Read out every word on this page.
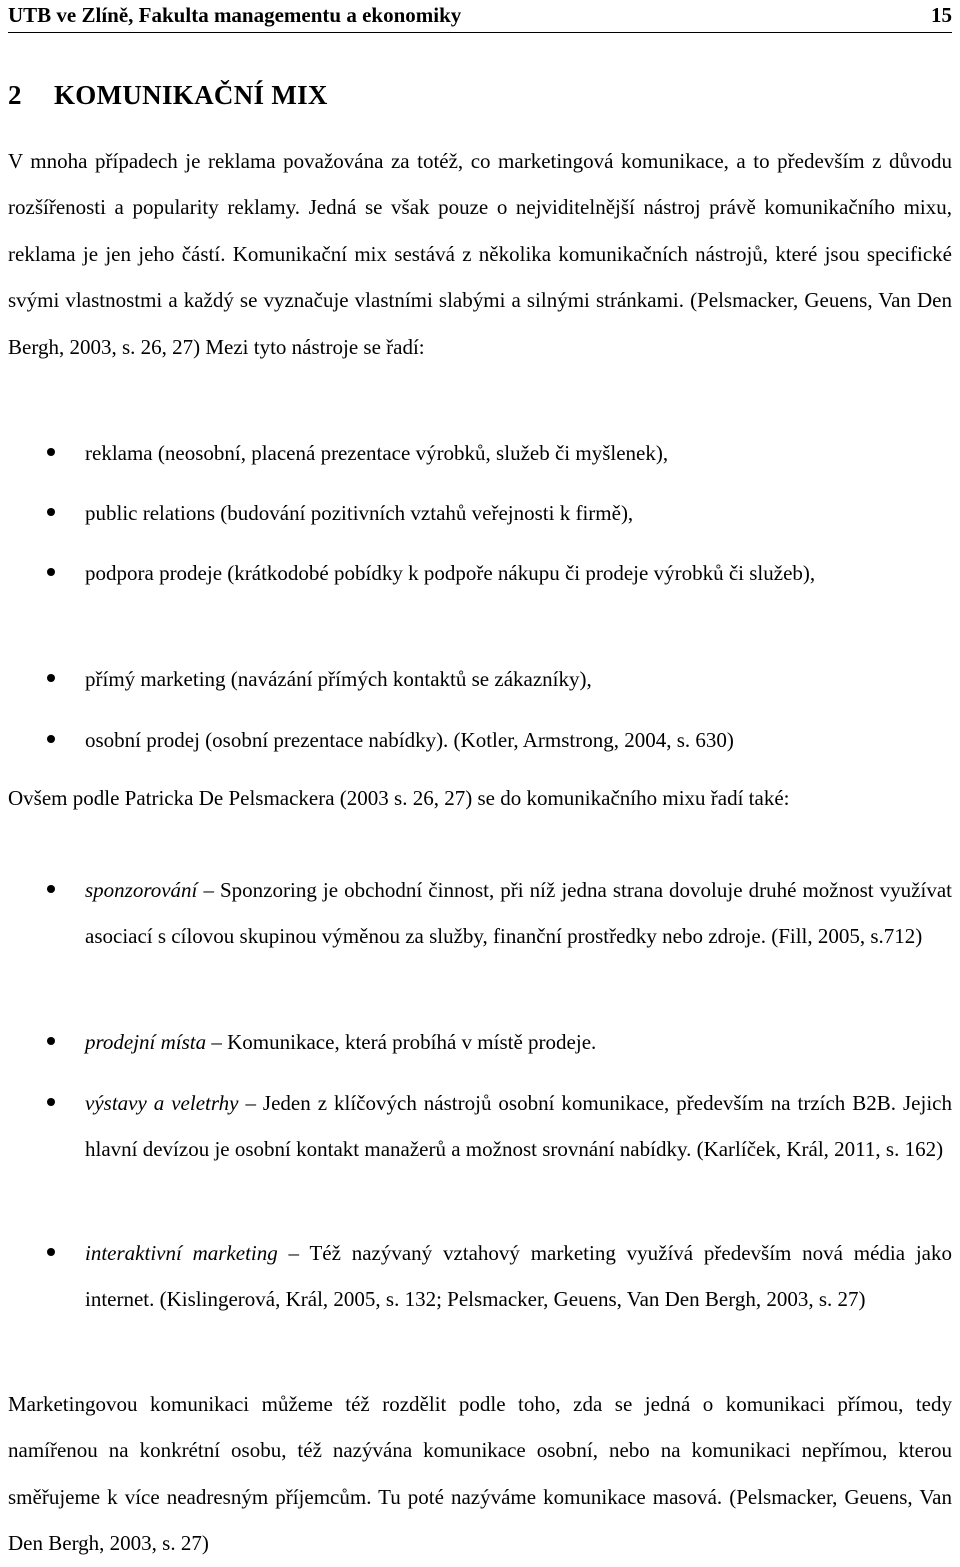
UTB ve Zlíně, Fakulta managementu a ekonomiky	15
2 KOMUNIKAČNÍ MIX

V mnoha případech je reklama považována za totéž, co marketingová komunikace, a to především z důvodu rozšířenosti a popularity reklamy. Jedná se však pouze o nejviditelnější nástroj právě komunikačního mixu, reklama je jen jeho částí. Komunikační mix sestává z několika komunikačních nástrojů, které jsou specifické svými vlastnostmi a každý se vyznačuje vlastními slabými a silnými stránkami. (Pelsmacker, Geuens, Van Den Bergh, 2003, s. 26, 27) Mezi tyto nástroje se řadí:

reklama (neosobní, placená prezentace výrobků, služeb či myšlenek),

public relations (budování pozitivních vztahů veřejnosti k firmě),

podpora prodeje (krátkodobé pobídky k podpoře nákupu či prodeje výrobků či služeb),

přímý marketing (navázání přímých kontaktů se zákazníky),

osobní prodej (osobní prezentace nabídky). (Kotler, Armstrong, 2004, s. 630)

Ovšem podle Patricka De Pelsmackera (2003 s. 26, 27) se do komunikačního mixu řadí také:

sponzorování – Sponzoring je obchodní činnost, při níž jedna strana dovoluje druhé možnost využívat asociací s cílovou skupinou výměnou za služby, finanční prostředky nebo zdroje. (Fill, 2005, s.712)

prodejní místa – Komunikace, která probíhá v místě prodeje.

výstavy a veletrhy – Jeden z klíčových nástrojů osobní komunikace, především na trzích B2B. Jejich hlavní devízou je osobní kontakt manažerů a možnost srovnání nabídky. (Karlíček, Král, 2011, s. 162)

interaktivní marketing – Též nazývaný vztahový marketing využívá především nová média jako internet. (Kislingerová, Král, 2005, s. 132; Pelsmacker, Geuens, Van Den Bergh, 2003, s. 27)

Marketingovou komunikaci můžeme též rozdělit podle toho, zda se jedná o komunikaci přímou, tedy namířenou na konkrétní osobu, též nazývána komunikace osobní, nebo na komunikaci nepřímou, kterou směřujeme k více neadresným příjemcům. Tu poté nazýváme komunikace masová. (Pelsmacker, Geuens, Van Den Bergh, 2003, s. 27)
